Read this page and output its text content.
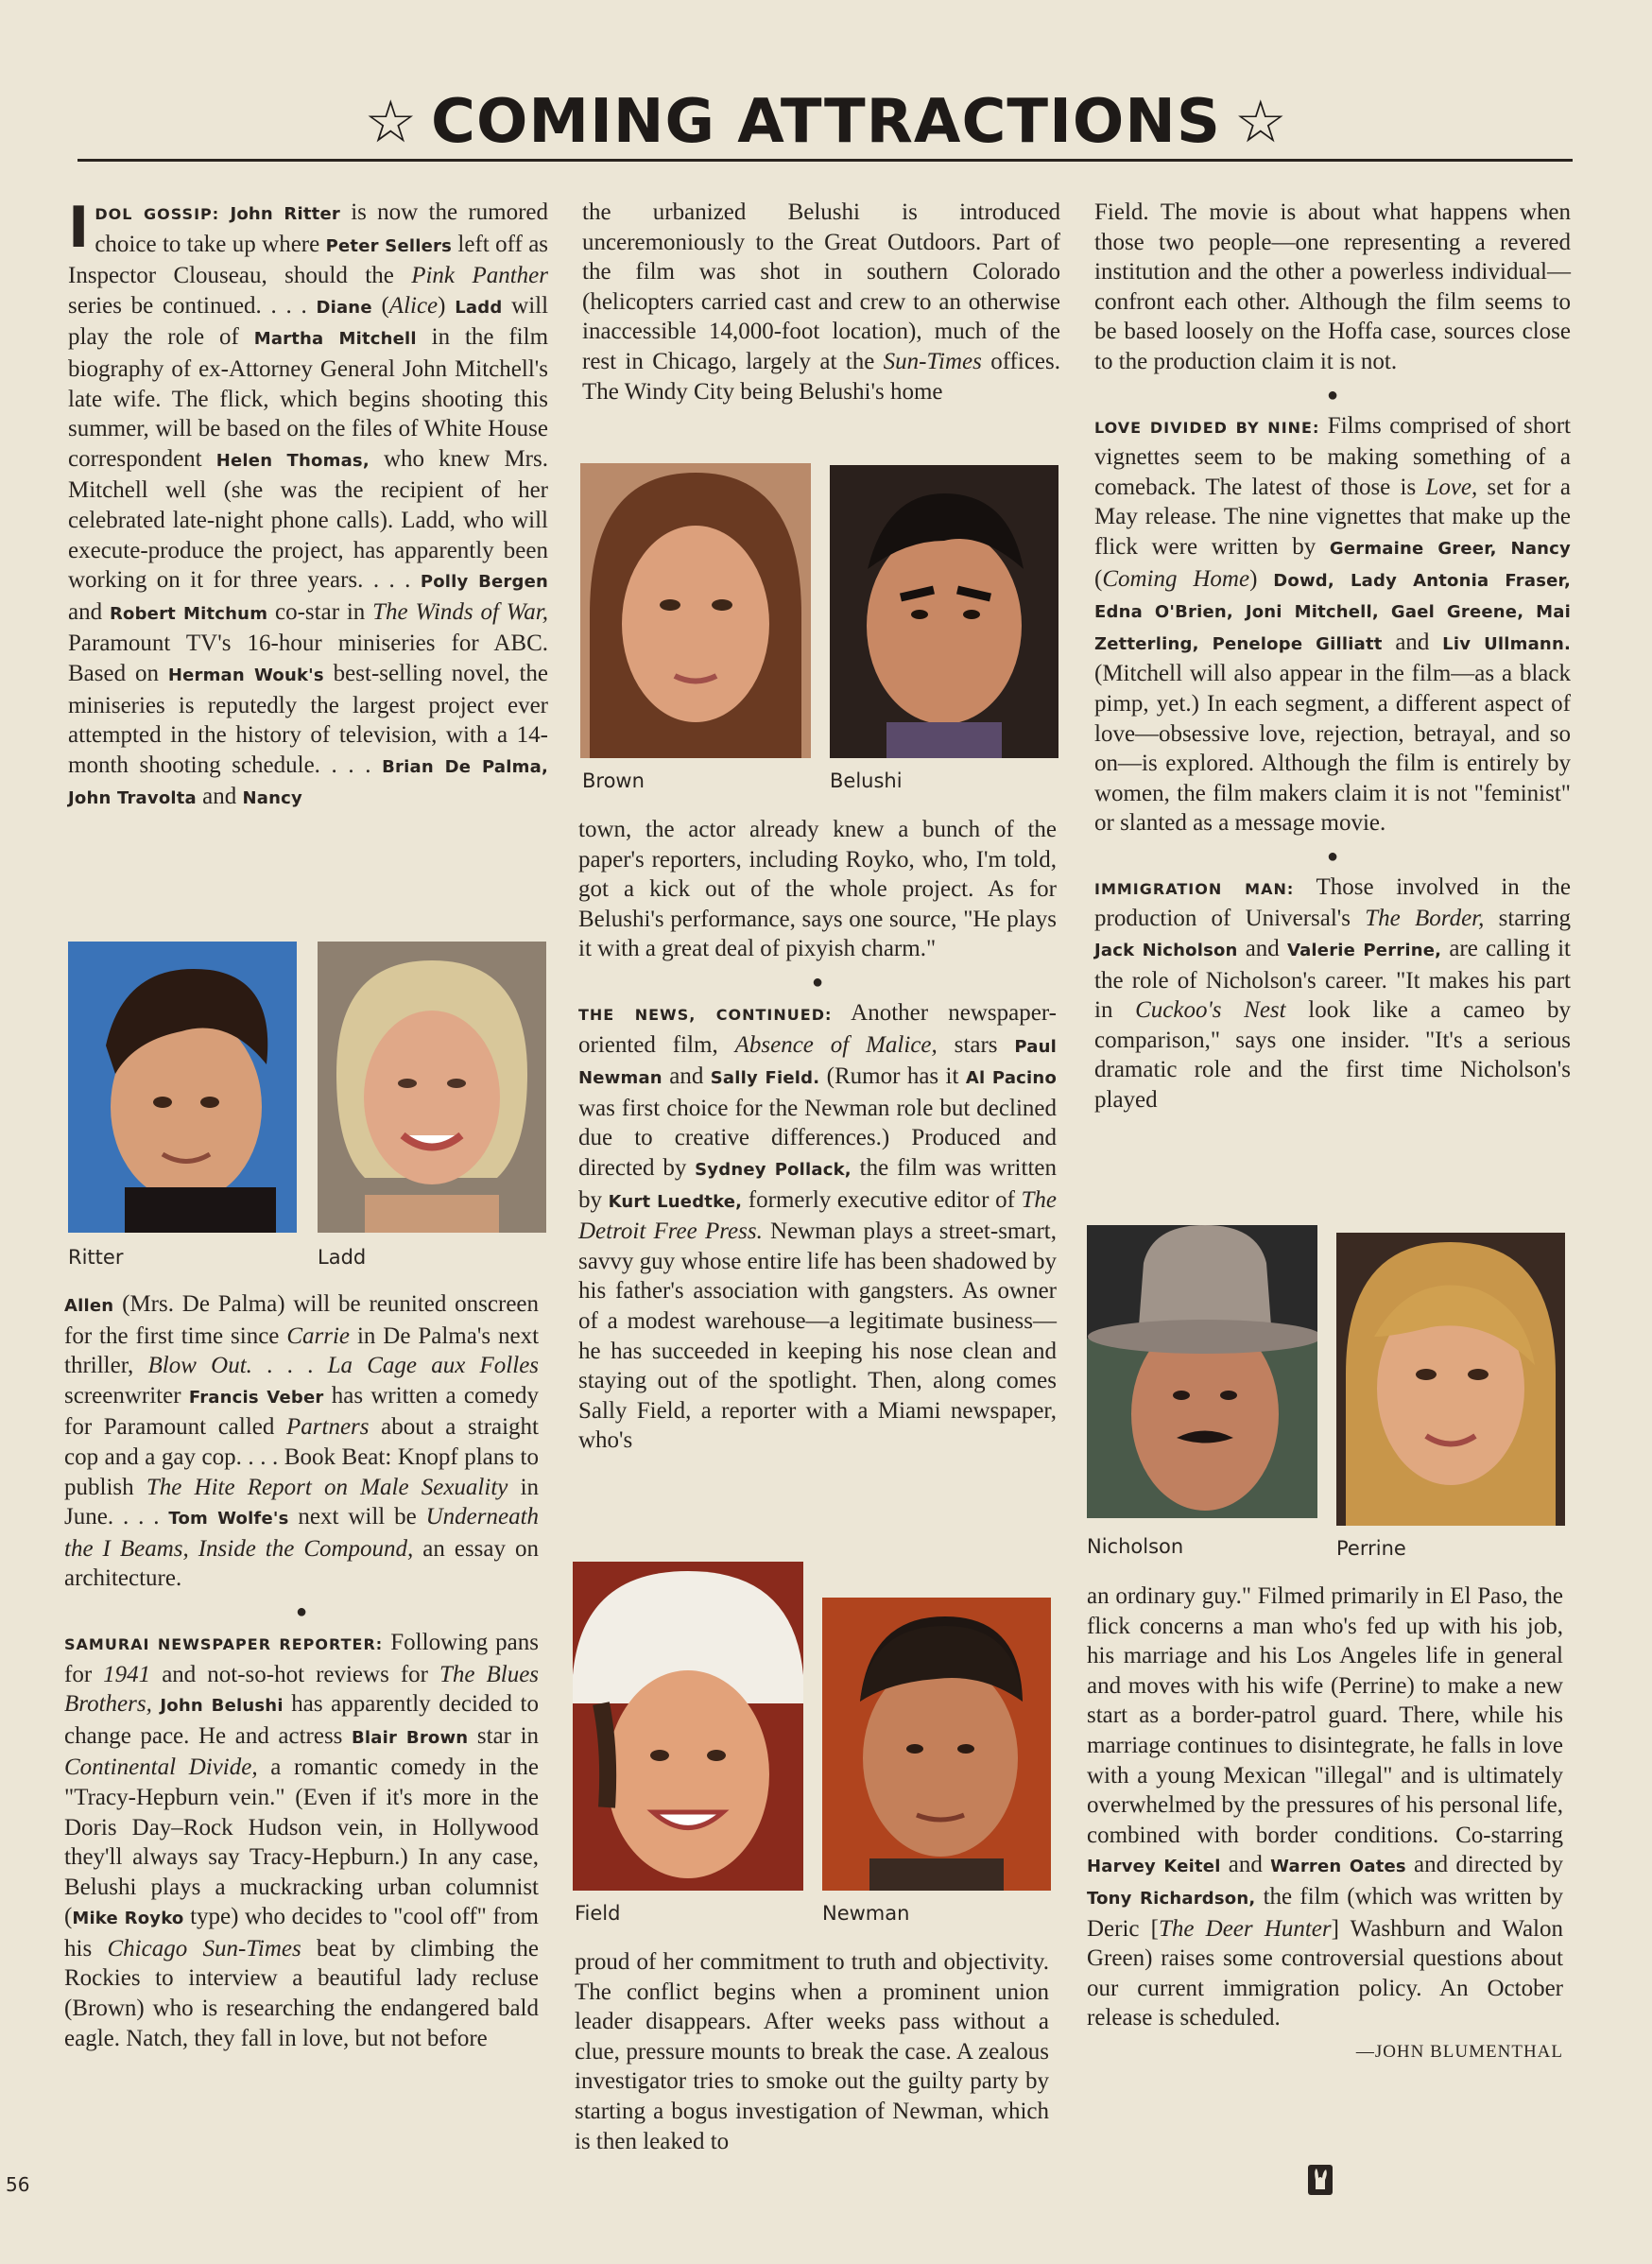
☆ COMING ATTRACTIONS ☆

IDOL GOSSIP: John Ritter is now the rumored choice to take up where Peter Sellers left off as Inspector Clouseau, should the Pink Panther series be continued. . . . Diane (Alice) Ladd will play the role of Martha Mitchell in the film biography of ex-Attorney General John Mitchell's late wife. The flick, which begins shooting this summer, will be based on the files of White House correspondent Helen Thomas, who knew Mrs. Mitchell well (she was the recipient of her celebrated late-night phone calls). Ladd, who will execute-produce the project, has apparently been working on it for three years. . . . Polly Bergen and Robert Mitchum co-star in The Winds of War, Paramount TV's 16-hour miniseries for ABC. Based on Herman Wouk's best-selling novel, the miniseries is reputedly the largest project ever attempted in the history of television, with a 14-month shooting schedule. . . . Brian De Palma, John Travolta and Nancy

Ritter	Ladd

Allen (Mrs. De Palma) will be reunited onscreen for the first time since Carrie in De Palma's next thriller, Blow Out. . . . La Cage aux Folles screenwriter Francis Veber has written a comedy for Paramount called Partners about a straight cop and a gay cop. . . . Book Beat: Knopf plans to publish The Hite Report on Male Sexuality in June. . . . Tom Wolfe's next will be Underneath the I Beams, Inside the Compound, an essay on architecture.

●

SAMURAI NEWSPAPER REPORTER: Following pans for 1941 and not-so-hot reviews for The Blues Brothers, John Belushi has apparently decided to change pace. He and actress Blair Brown star in Continental Divide, a romantic comedy in the "Tracy-Hepburn vein." (Even if it's more in the Doris Day–Rock Hudson vein, in Hollywood they'll always say Tracy-Hepburn.) In any case, Belushi plays a muckracking urban columnist (Mike Royko type) who decides to "cool off" from his Chicago Sun-Times beat by climbing the Rockies to interview a beautiful lady recluse (Brown) who is researching the endangered bald eagle. Natch, they fall in love, but not before

the urbanized Belushi is introduced unceremoniously to the Great Outdoors. Part of the film was shot in southern Colorado (helicopters carried cast and crew to an otherwise inaccessible 14,000-foot location), much of the rest in Chicago, largely at the Sun-Times offices. The Windy City being Belushi's home

Brown	Belushi

town, the actor already knew a bunch of the paper's reporters, including Royko, who, I'm told, got a kick out of the whole project. As for Belushi's performance, says one source, "He plays it with a great deal of pixyish charm."

●

THE NEWS, CONTINUED: Another newspaper-oriented film, Absence of Malice, stars Paul Newman and Sally Field. (Rumor has it Al Pacino was first choice for the Newman role but declined due to creative differences.) Produced and directed by Sydney Pollack, the film was written by Kurt Luedtke, formerly executive editor of The Detroit Free Press. Newman plays a street-smart, savvy guy whose entire life has been shadowed by his father's association with gangsters. As owner of a modest warehouse—a legitimate business—he has succeeded in keeping his nose clean and staying out of the spotlight. Then, along comes Sally Field, a reporter with a Miami newspaper, who's

Field	Newman

proud of her commitment to truth and objectivity. The conflict begins when a prominent union leader disappears. After weeks pass without a clue, pressure mounts to break the case. A zealous investigator tries to smoke out the guilty party by starting a bogus investigation of Newman, which is then leaked to

Field. The movie is about what happens when those two people—one representing a revered institution and the other a powerless individual—confront each other. Although the film seems to be based loosely on the Hoffa case, sources close to the production claim it is not.

●

LOVE DIVIDED BY NINE: Films comprised of short vignettes seem to be making something of a comeback. The latest of those is Love, set for a May release. The nine vignettes that make up the flick were written by Germaine Greer, Nancy (Coming Home) Dowd, Lady Antonia Fraser, Edna O'Brien, Joni Mitchell, Gael Greene, Mai Zetterling, Penelope Gilliatt and Liv Ullmann. (Mitchell will also appear in the film—as a black pimp, yet.) In each segment, a different aspect of love—obsessive love, rejection, betrayal, and so on—is explored. Although the film is entirely by women, the film makers claim it is not "feminist" or slanted as a message movie.

●

IMMIGRATION MAN: Those involved in the production of Universal's The Border, starring Jack Nicholson and Valerie Perrine, are calling it the role of Nicholson's career. "It makes his part in Cuckoo's Nest look like a cameo by comparison," says one insider. "It's a serious dramatic role and the first time Nicholson's played

Nicholson	Perrine

an ordinary guy." Filmed primarily in El Paso, the flick concerns a man who's fed up with his job, his marriage and his Los Angeles life in general and moves with his wife (Perrine) to make a new start as a border-patrol guard. There, while his marriage continues to disintegrate, he falls in love with a young Mexican "illegal" and is ultimately overwhelmed by the pressures of his personal life, combined with border conditions. Co-starring Harvey Keitel and Warren Oates and directed by Tony Richardson, the film (which was written by Deric [The Deer Hunter] Washburn and Walon Green) raises some controversial questions about our current immigration policy. An October release is scheduled.

—JOHN BLUMENTHAL
56
